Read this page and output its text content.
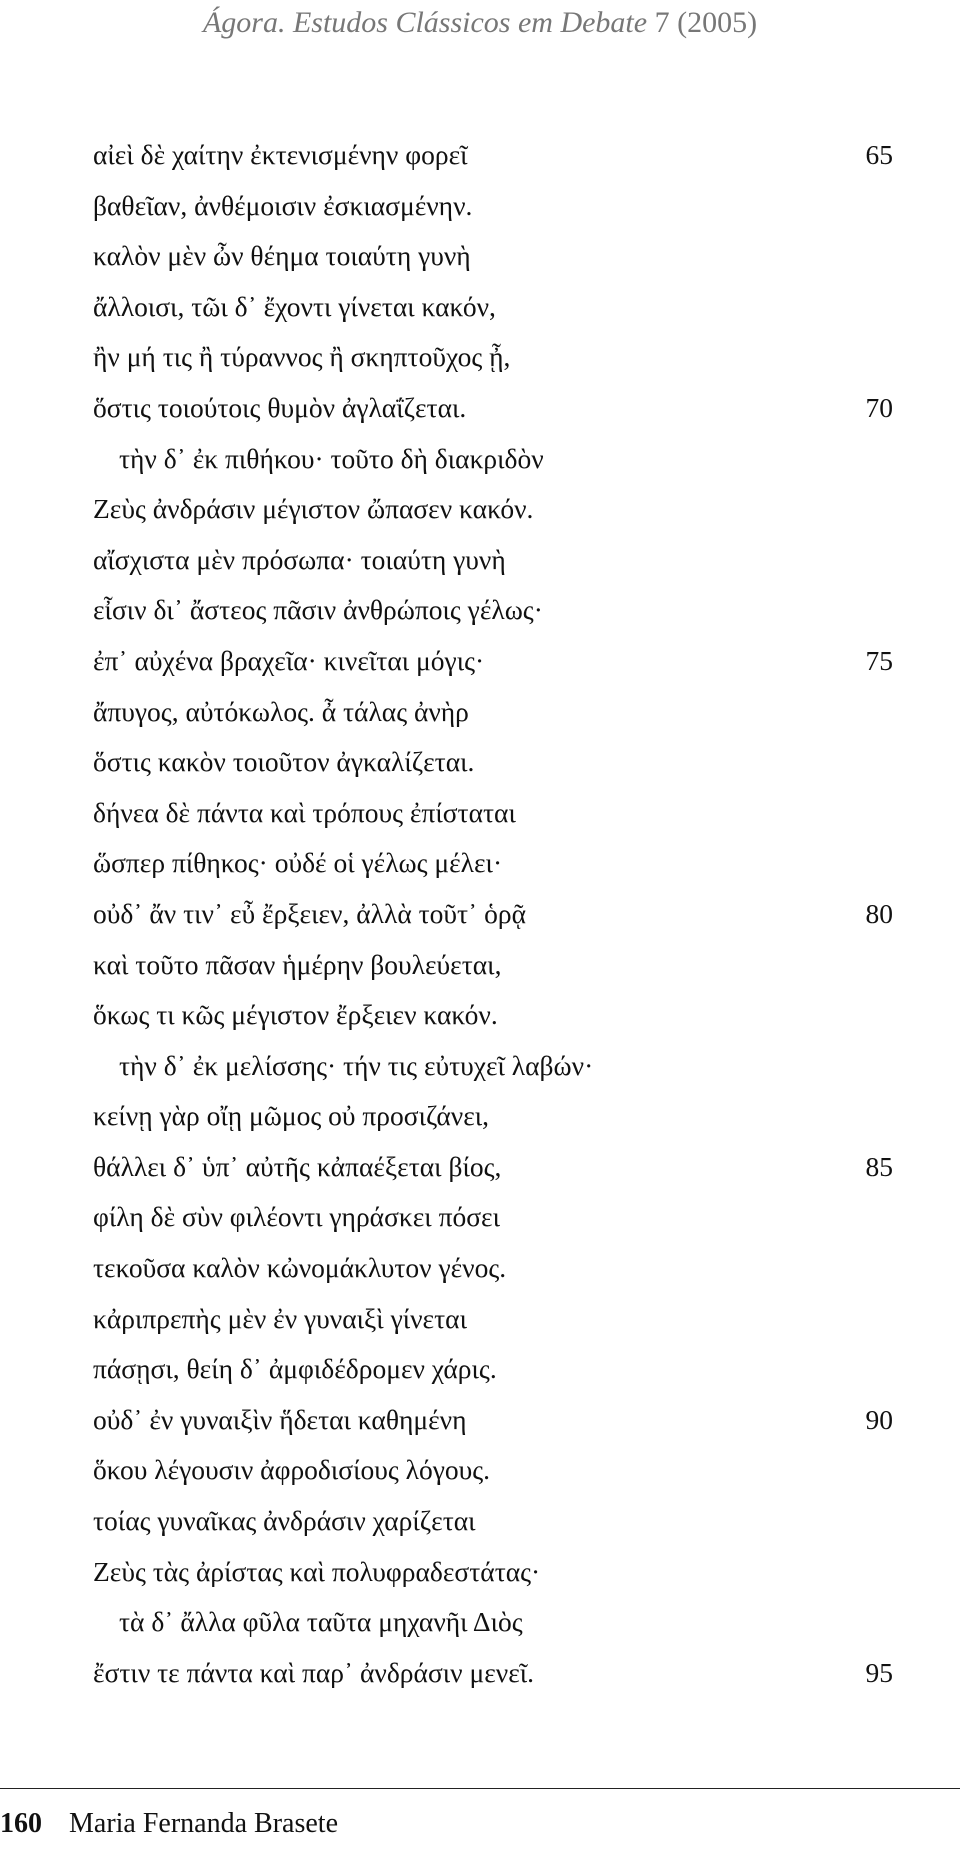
Ágora. Estudos Clássicos em Debate 7 (2005)
αἰεὶ δὲ χαίτην ἐκτενισμένην φορεῖ	65
βαθεῖαν, ἀνθέμοισιν ἐσκιασμένην.
καλὸν μὲν ὦν θέημα τοιαύτη γυνὴ
ἄλλοισι, τῶι δ᾽ ἔχοντι γίνεται κακόν,
ἢν μή τις ἢ τύραννος ἢ σκηπτοῦχος ᾖ,
ὅστις τοιούτοις θυμὸν ἀγλαΐζεται.	70
τὴν δ᾽ ἐκ πιθήκου· τοῦτο δὴ διακριδὸν
Ζεὺς ἀνδράσιν μέγιστον ὤπασεν κακόν.
αἴσχιστα μὲν πρόσωπα· τοιαύτη γυνὴ
εἶσιν δι᾽ ἄστεος πᾶσιν ἀνθρώποις γέλως·
ἐπ᾽ αὐχένα βραχεῖα· κινεῖται μόγις·	75
ἄπυγος, αὐτόκωλος. ἆ τάλας ἀνὴρ
ὅστις κακὸν τοιοῦτον ἀγκαλίζεται.
δήνεα δὲ πάντα καὶ τρόπους ἐπίσταται
ὥσπερ πίθηκος· οὐδέ οἱ γέλως μέλει·
οὐδ᾽ ἄν τιν᾽ εὖ ἔρξειεν, ἀλλὰ τοῦτ᾽ ὁρᾷ	80
καὶ τοῦτο πᾶσαν ἡμέρην βουλεύεται,
ὅκως τι κῶς μέγιστον ἔρξειεν κακόν.
τὴν δ᾽ ἐκ μελίσσης· τήν τις εὐτυχεῖ λαβών·
κείνῃ γὰρ οἴῃ μῶμος οὐ προσιζάνει,
θάλλει δ᾽ ὑπ᾽ αὐτῆς κἀπαέξεται βίος,	85
φίλη δὲ σὺν φιλέοντι γηράσκει πόσει
τεκοῦσα καλὸν κὠνομάκλυτον γένος.
κἀριπρεπὴς μὲν ἐν γυναιξὶ γίνεται
πάσῃσι, θείη δ᾽ ἀμφιδέδρομεν χάρις.
οὐδ᾽ ἐν γυναιξὶν ἥδεται καθημένη	90
ὅκου λέγουσιν ἀφροδισίους λόγους.
τοίας γυναῖκας ἀνδράσιν χαρίζεται
Ζεὺς τὰς ἀρίστας καὶ πολυφραδεστάτας·
τὰ δ᾽ ἄλλα φῦλα ταῦτα μηχανῆι Διὸς
ἔστιν τε πάντα καὶ παρ᾽ ἀνδράσιν μενεῖ.	95
160 Maria Fernanda Brasete
